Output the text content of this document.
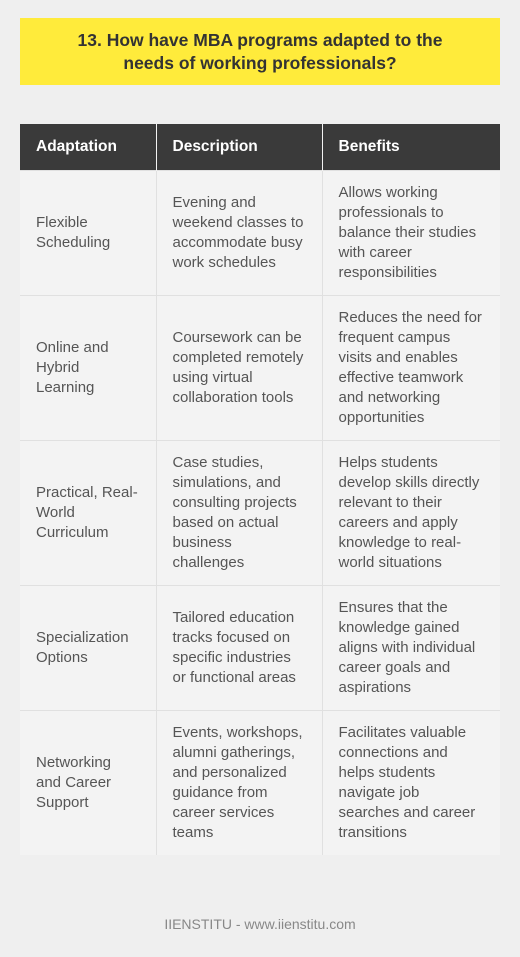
13. How have MBA programs adapted to the needs of working professionals?
Adaptation	Description	Benefits
Flexible Scheduling	Evening and weekend classes to accommodate busy work schedules	Allows working professionals to balance their studies with career responsibilities
Online and Hybrid Learning	Coursework can be completed remotely using virtual collaboration tools	Reduces the need for frequent campus visits and enables effective teamwork and networking opportunities
Practical, Real-World Curriculum	Case studies, simulations, and consulting projects based on actual business challenges	Helps students develop skills directly relevant to their careers and apply knowledge to real-world situations
Specialization Options	Tailored education tracks focused on specific industries or functional areas	Ensures that the knowledge gained aligns with individual career goals and aspirations
Networking and Career Support	Events, workshops, alumni gatherings, and personalized guidance from career services teams	Facilitates valuable connections and helps students navigate job searches and career transitions
IIENSTITU - www.iienstitu.com
